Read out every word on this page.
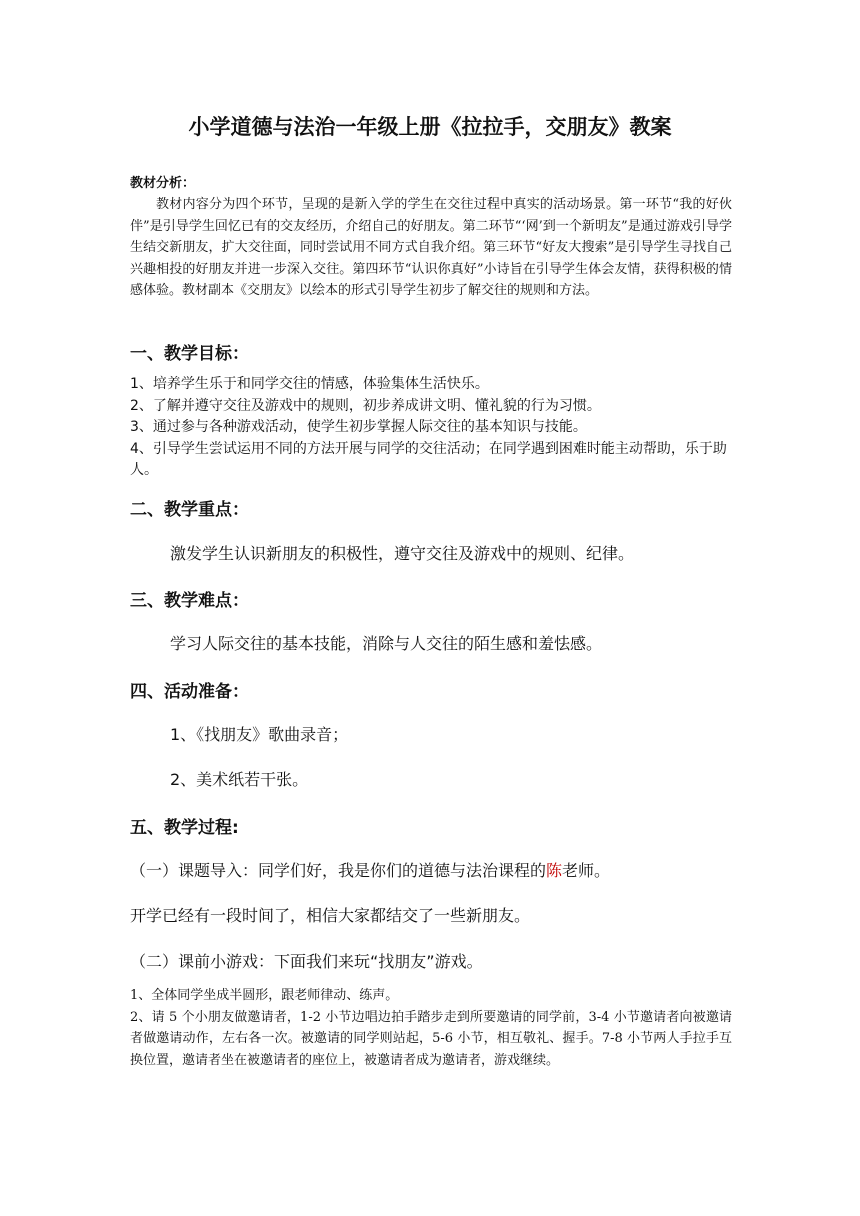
小学道德与法治一年级上册《拉拉手，交朋友》教案

教材分析：

教材内容分为四个环节，呈现的是新入学的学生在交往过程中真实的活动场景。第一环节“我的好伙伴”是引导学生回忆已有的交友经历，介绍自己的好朋友。第二环节“‘网’到一个新明友”是通过游戏引导学生结交新朋友，扩大交往面，同时尝试用不同方式自我介绍。第三环节“好友大搜索”是引导学生寻找自己兴趣相投的好朋友并进一步深入交往。第四环节“认识你真好”小诗旨在引导学生体会友情，获得积极的情感体验。教材副本《交朋友》以绘本的形式引导学生初步了解交往的规则和方法。

一、教学目标：
1、培养学生乐于和同学交往的情感，体验集体生活快乐。
2、了解并遵守交往及游戏中的规则，初步养成讲文明、懂礼貌的行为习惯。
3、通过参与各种游戏活动，使学生初步掌握人际交往的基本知识与技能。
4、引导学生尝试运用不同的方法开展与同学的交往活动；在同学遇到困难时能主动帮助，乐于助人。
二、教学重点：

激发学生认识新朋友的积极性，遵守交往及游戏中的规则、纪律。

三、教学难点：

学习人际交往的基本技能，消除与人交往的陌生感和羞怯感。

四、活动准备：

1、《找朋友》歌曲录音；

2、美术纸若干张。

五、教学过程:

（一）课题导入：同学们好，我是你们的道德与法治课程的陈老师。

开学已经有一段时间了，相信大家都结交了一些新朋友。

（二）课前小游戏：下面我们来玩“找朋友”游戏。

1、全体同学坐成半圆形，跟老师律动、练声。
2、请 5 个小朋友做邀请者，1-2 小节边唱边拍手踏步走到所要邀请的同学前，3-4 小节邀请者向被邀请者做邀请动作，左右各一次。被邀请的同学则站起，5-6 小节，相互敬礼、握手。7-8 小节两人手拉手互换位置，邀请者坐在被邀请者的座位上，被邀请者成为邀请者，游戏继续。
